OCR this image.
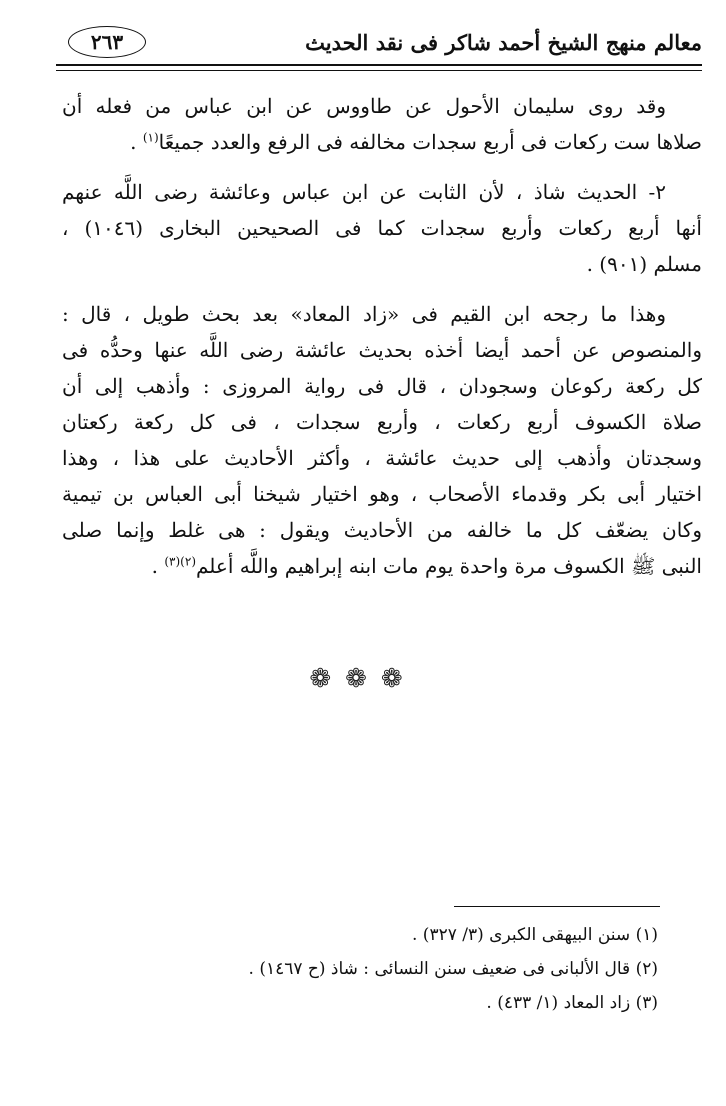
معالم منهج الشيخ أحمد شاكر فى نقد الحديث
٢٦٣

وقد روى سليمان الأحول عن طاووس عن ابن عباس من فعله أن
صلاها ست ركعات فى أربع سجدات مخالفه فى الرفع والعدد جميعًا$^{(١)}$ .

٢- الحديث شاذ ، لأن الثابت عن ابن عباس وعائشة رضى اللَّه عنهم
أنها أربع ركعات وأربع سجدات كما فى الصحيحين البخارى (١٠٤٦) ،
مسلم (٩٠١) .

وهذا ما رجحه ابن القيم فى «زاد المعاد» بعد بحث طويل ، قال :
والمنصوص عن أحمد أيضا أخذه بحديث عائشة رضى اللَّه عنها وحدُّه فى
كل ركعة ركوعان وسجودان ، قال فى رواية المروزى : وأذهب إلى أن
صلاة الكسوف أربع ركعات ، وأربع سجدات ، فى كل ركعة ركعتان
وسجدتان وأذهب إلى حديث عائشة ، وأكثر الأحاديث على هذا ، وهذا
اختيار أبى بكر وقدماء الأصحاب ، وهو اختيار شيخنا أبى العباس بن تيمية
وكان يضعّف كل ما خالفه من الأحاديث ويقول : هى غلط وإنما صلى
النبى ﷺ الكسوف مرة واحدة يوم مات ابنه إبراهيم واللَّه أعلم$^{(٢)(٣)}$ .

❁❁❁
(١) سنن البيهقى الكبرى (٣/ ٣٢٧) .
(٢) قال الألبانى فى ضعيف سنن النسائى : شاذ (ح ١٤٦٧) .
(٣) زاد المعاد (١/ ٤٣٣) .
